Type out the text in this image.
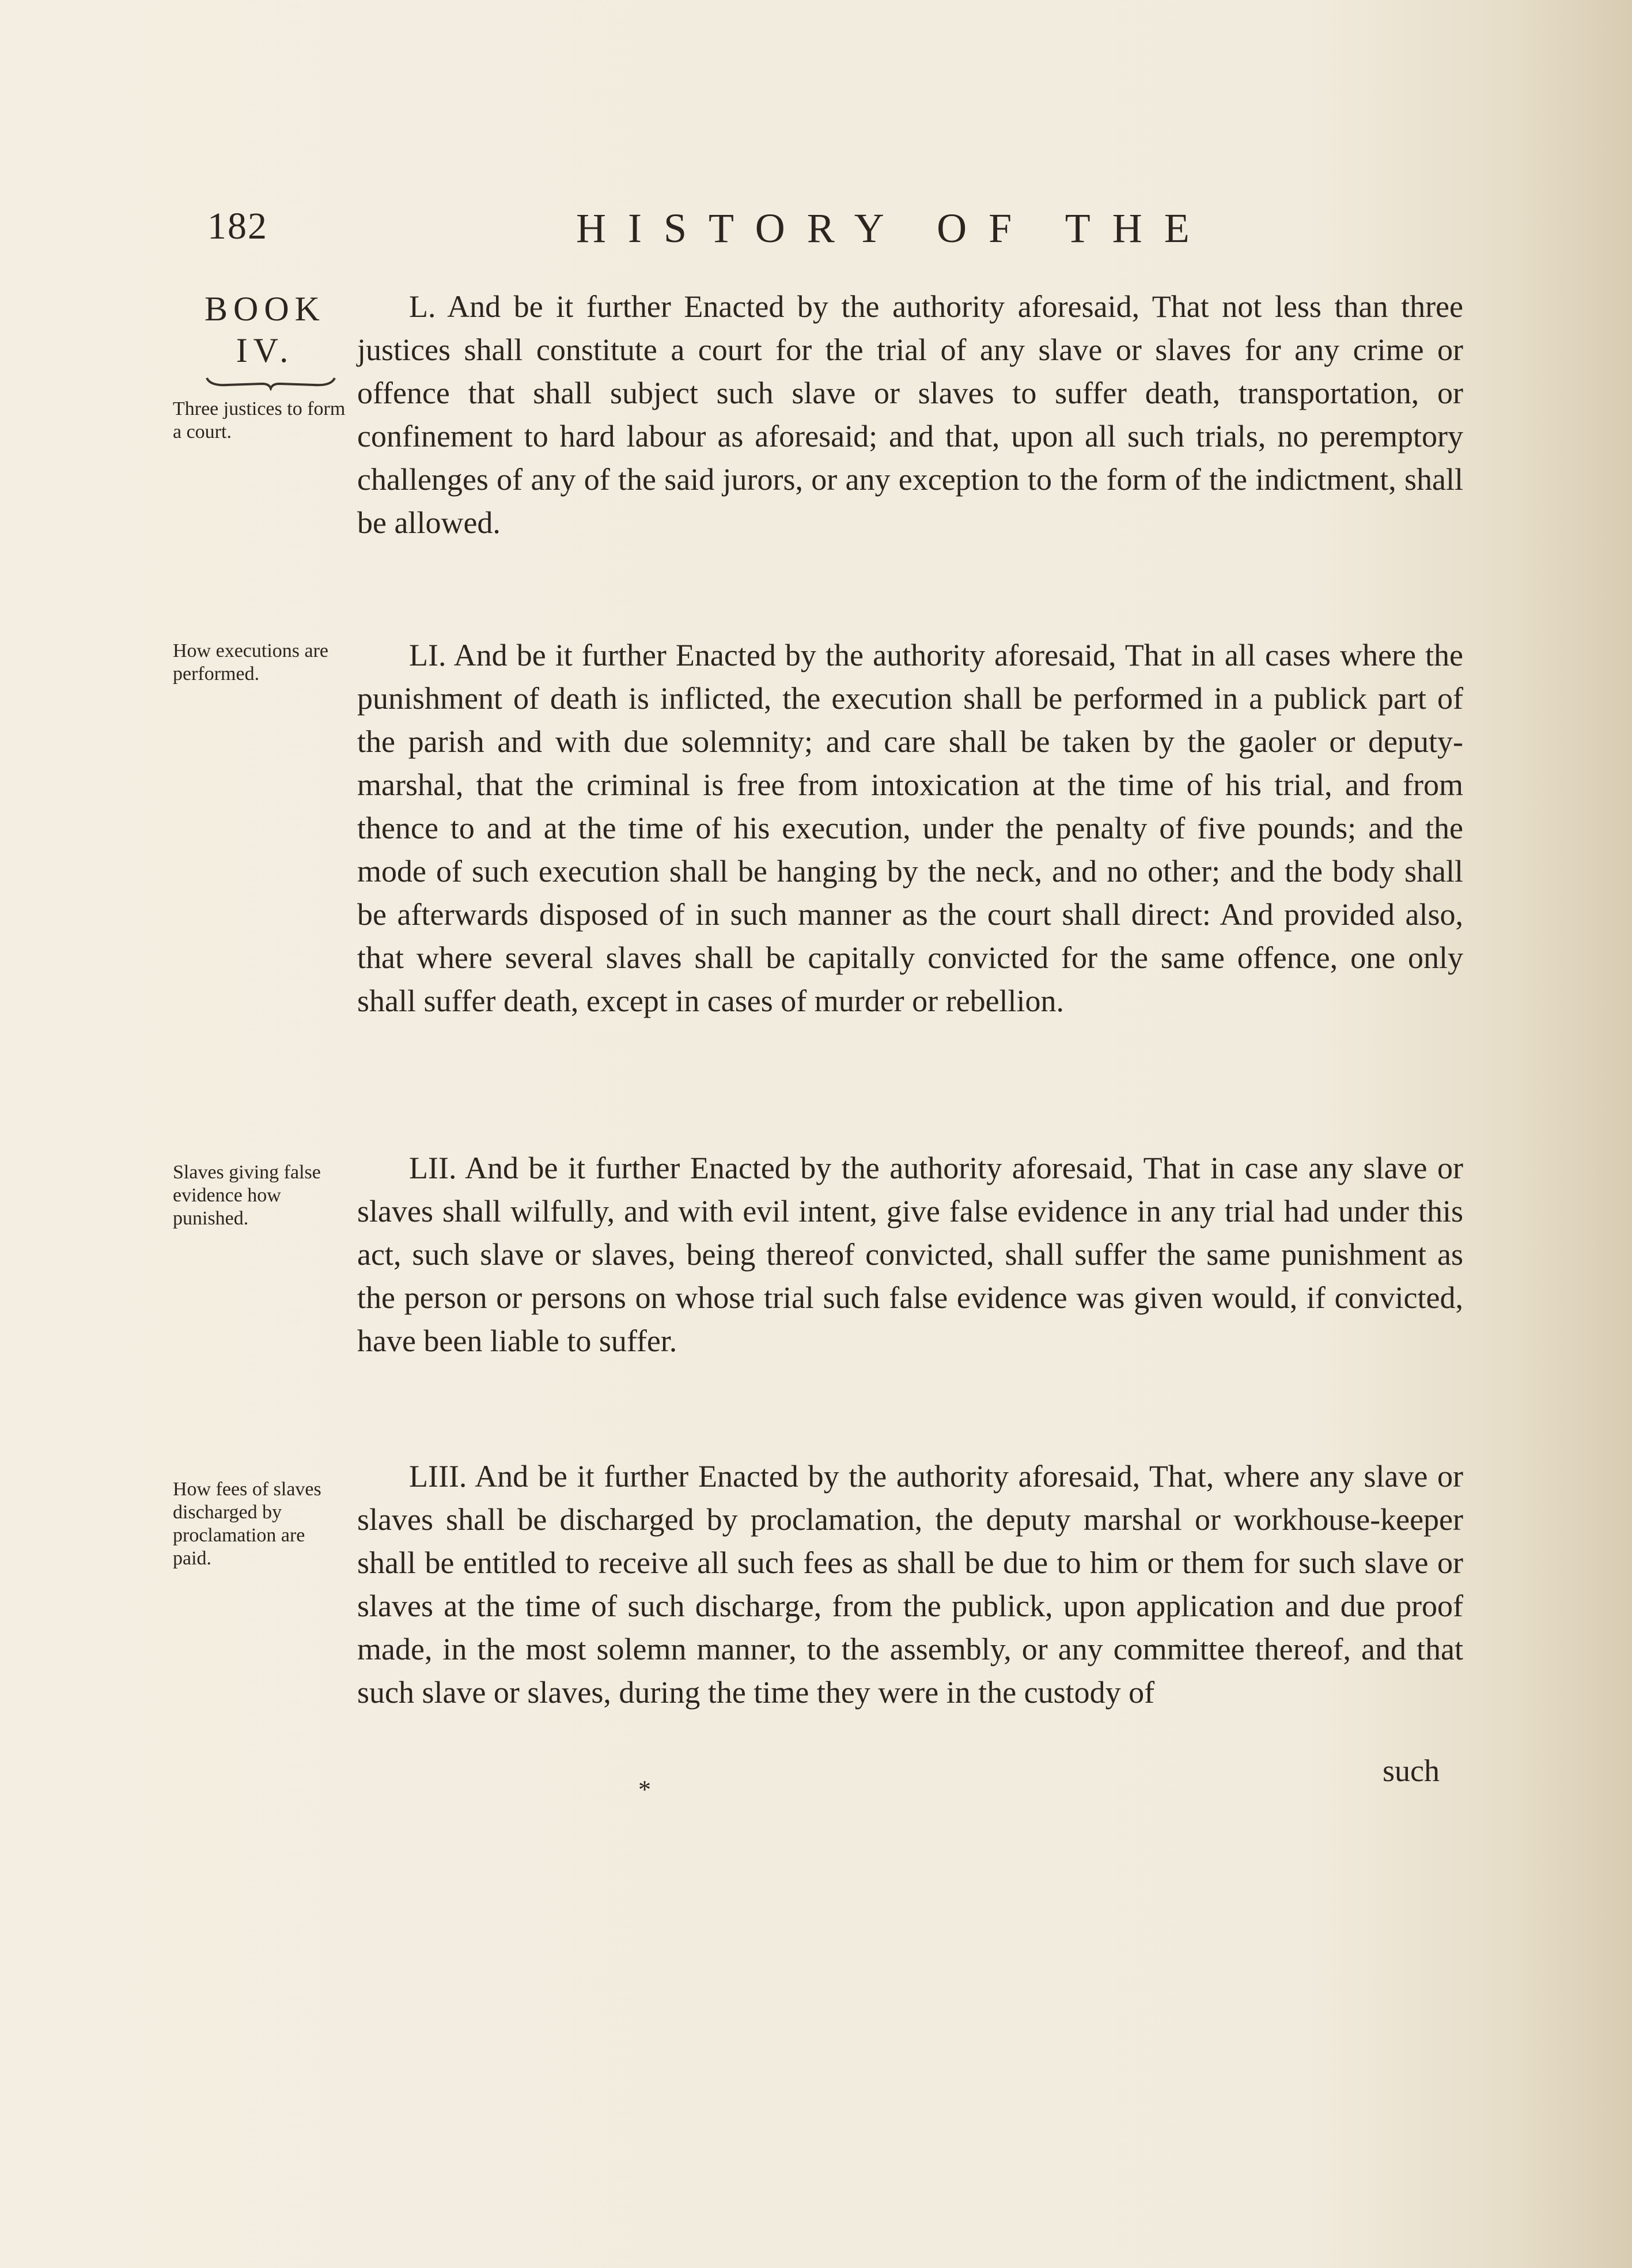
182	HISTORY OF THE
BOOK
IV.
Three justices to form a court.
How executions are performed.
Slaves giving false evidence how punished.
How fees of slaves discharged by proclamation are paid.

L. And be it further Enacted by the authority aforesaid, That not less than three justices shall constitute a court for the trial of any slave or slaves for any crime or offence that shall subject such slave or slaves to suffer death, transportation, or confinement to hard labour as aforesaid; and that, upon all such trials, no peremptory challenges of any of the said jurors, or any exception to the form of the indictment, shall be allowed.

LI. And be it further Enacted by the authority aforesaid, That in all cases where the punishment of death is inflicted, the execution shall be performed in a publick part of the parish and with due solemnity; and care shall be taken by the gaoler or deputy-marshal, that the criminal is free from intoxication at the time of his trial, and from thence to and at the time of his execution, under the penalty of five pounds; and the mode of such execution shall be hanging by the neck, and no other; and the body shall be afterwards disposed of in such manner as the court shall direct: And provided also, that where several slaves shall be capitally convicted for the same offence, one only shall suffer death, except in cases of murder or rebellion.

LII. And be it further Enacted by the authority aforesaid, That in case any slave or slaves shall wilfully, and with evil intent, give false evidence in any trial had under this act, such slave or slaves, being thereof convicted, shall suffer the same punishment as the person or persons on whose trial such false evidence was given would, if convicted, have been liable to suffer.

LIII. And be it further Enacted by the authority aforesaid, That, where any slave or slaves shall be discharged by proclamation, the deputy marshal or workhouse-keeper shall be entitled to receive all such fees as shall be due to him or them for such slave or slaves at the time of such discharge, from the publick, upon application and due proof made, in the most solemn manner, to the assembly, or any committee thereof, and that such slave or slaves, during the time they were in the custody of

such
*
